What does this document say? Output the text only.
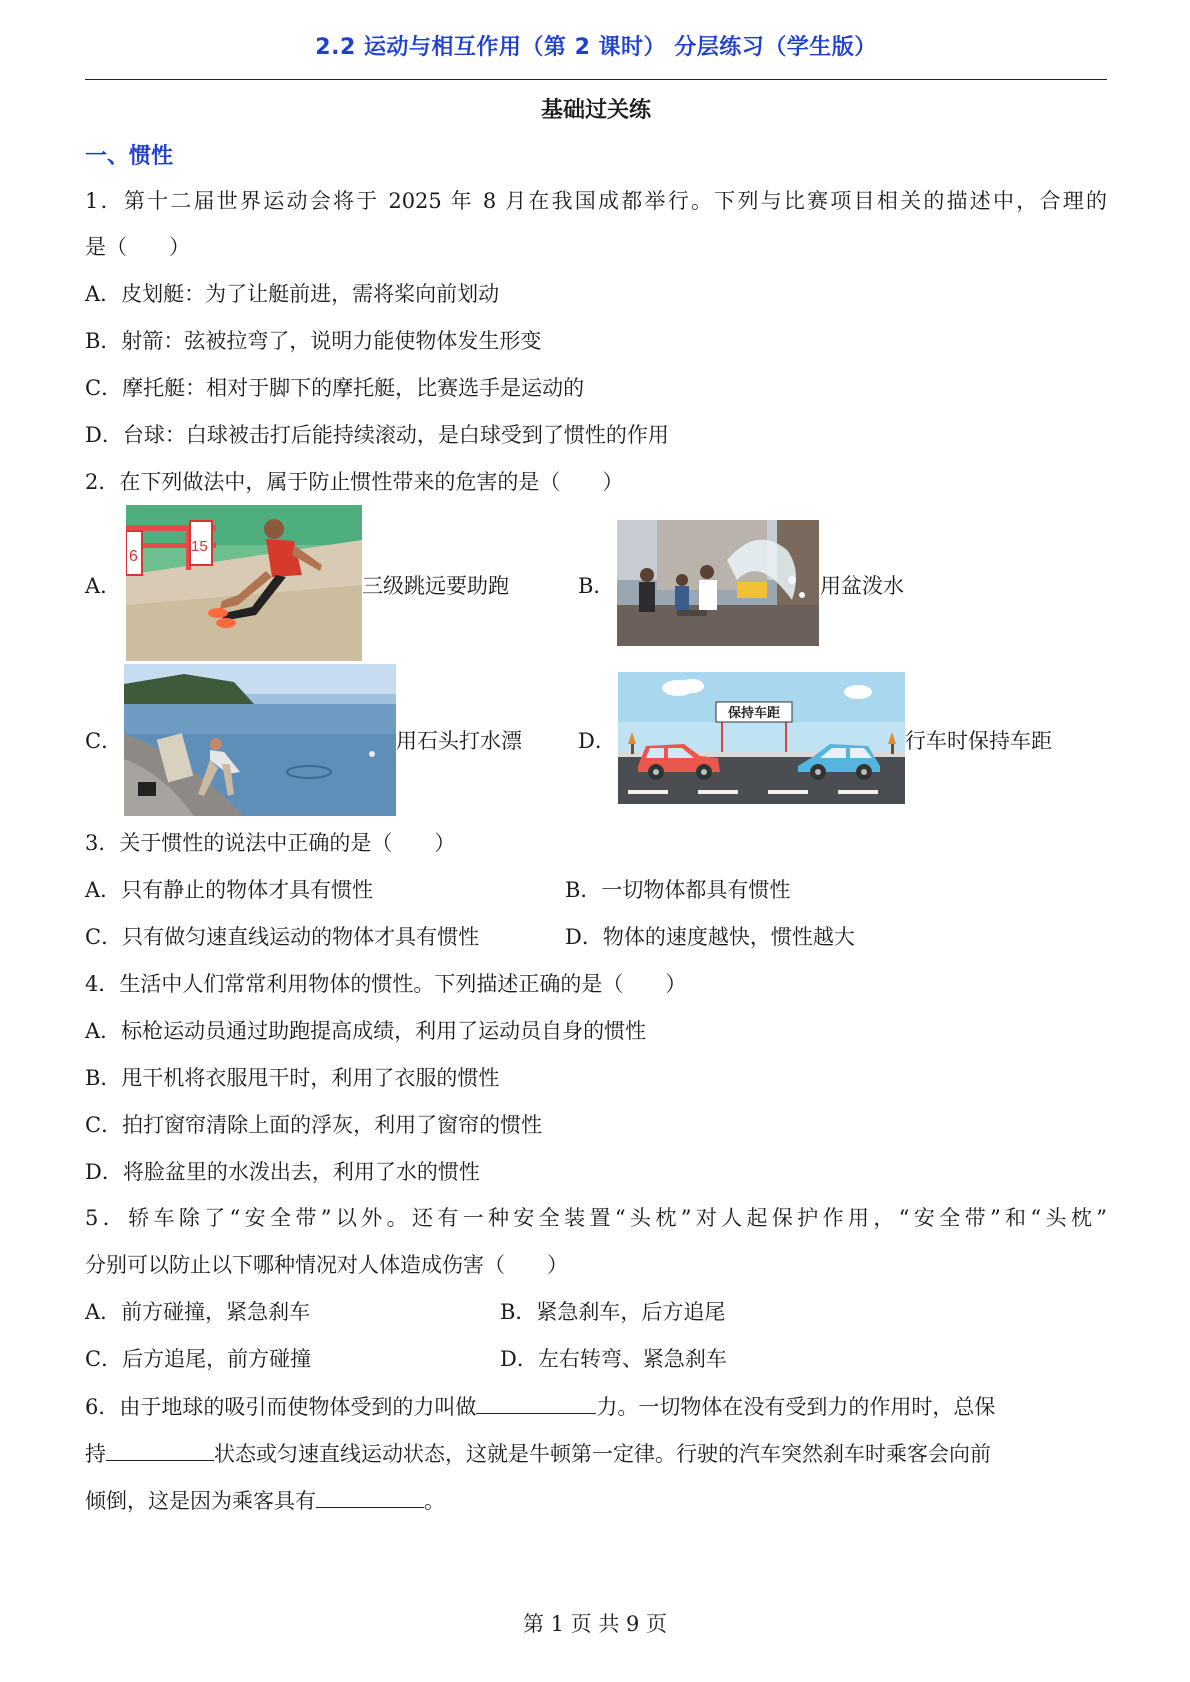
2.2 运动与相互作用（第 2 课时） 分层练习（学生版）
基础过关练
一、惯性
1．第十二届世界运动会将于 2025 年 8 月在我国成都举行。下列与比赛项目相关的描述中，合理的
是（　　）
A．皮划艇：为了让艇前进，需将桨向前划动
B．射箭：弦被拉弯了，说明力能使物体发生形变
C．摩托艇：相对于脚下的摩托艇，比赛选手是运动的
D．台球：白球被击打后能持续滚动，是白球受到了惯性的作用
2．在下列做法中，属于防止惯性带来的危害的是（　　）
A．
6
15
三级跳远要助跑	B．	用盆泼水
C．	用石头打水漂	D．
保持车距
行车时保持车距
3．关于惯性的说法中正确的是（　　）
A．只有静止的物体才具有惯性	B．一切物体都具有惯性
C．只有做匀速直线运动的物体才具有惯性	D．物体的速度越快，惯性越大
4．生活中人们常常利用物体的惯性。下列描述正确的是（　　）
A．标枪运动员通过助跑提高成绩，利用了运动员自身的惯性
B．甩干机将衣服甩干时，利用了衣服的惯性
C．拍打窗帘清除上面的浮灰，利用了窗帘的惯性
D．将脸盆里的水泼出去，利用了水的惯性
5．轿车除了“安全带”以外。还有一种安全装置“头枕”对人起保护作用，“安全带”和“头枕”
分别可以防止以下哪种情况对人体造成伤害（　　）
A．前方碰撞，紧急刹车	B．紧急刹车，后方追尾
C．后方追尾，前方碰撞	D．左右转弯、紧急刹车
6．由于地球的吸引而使物体受到的力叫做	力。一切物体在没有受到力的作用时，总保
持	状态或匀速直线运动状态，这就是牛顿第一定律。行驶的汽车突然刹车时乘客会向前
倾倒，这是因为乘客具有	。
第 1 页 共 9 页
